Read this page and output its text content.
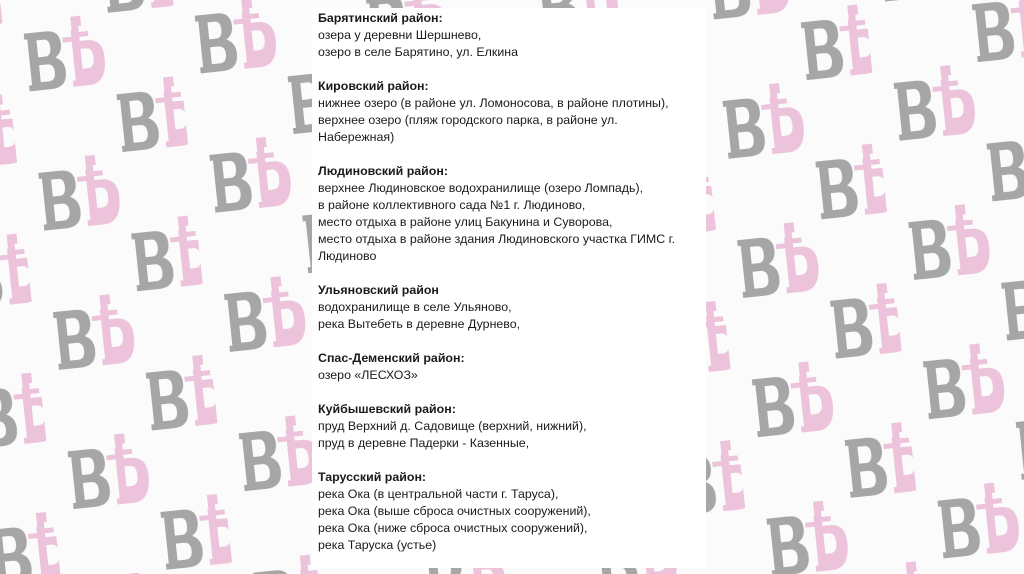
Барятинский район:
озера у деревни Шершнево,
озеро в селе Барятино, ул. Елкина
Кировский район:
нижнее озеро (в районе ул. Ломоносова, в районе плотины),
верхнее озеро (пляж городского парка, в районе ул. Набережная)
Людиновский район:
верхнее Людиновское водохранилище (озеро Ломпадь),
в районе коллективного сада №1 г. Людиново,
место отдыха в районе улиц Бакунина и Суворова,
место отдыха в районе здания Людиновского участка ГИМС г. Людиново
Ульяновский район
водохранилище в селе Ульяново,
река Вытебеть в деревне Дурнево,
Спас-Деменский район:
озеро «ЛЕСХОЗ»
Куйбышевский район:
пруд Верхний д. Садовище (верхний, нижний),
пруд в деревне Падерки - Казенные,
Тарусский район:
река Ока (в центральной части г. Таруса),
река Ока (выше сброса очистных сооружений),
река Ока (ниже сброса очистных сооружений),
река Таруска (устье)
